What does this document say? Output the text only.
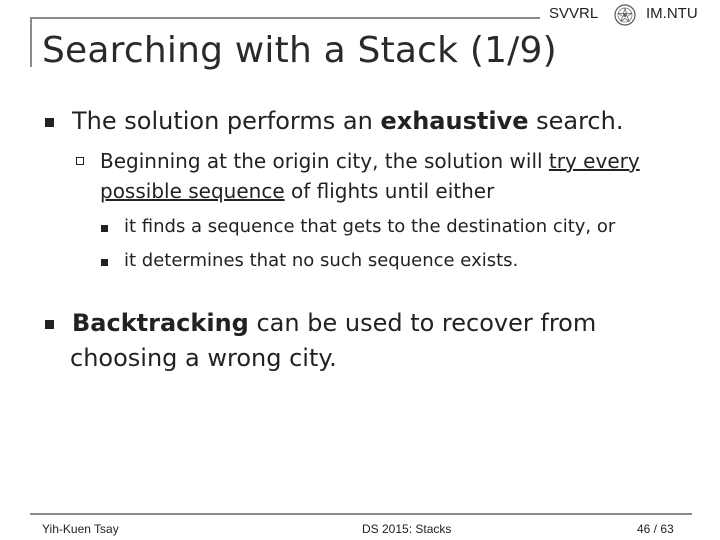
SVVRL	IM.NTU
Searching with a Stack (1/9)
The solution performs an exhaustive search.
Beginning at the origin city, the solution will try every
possible sequence of flights until either
it finds a sequence that gets to the destination city, or
it determines that no such sequence exists.
Backtracking can be used to recover from
choosing a wrong city.
Yih-Kuen Tsay	DS 2015: Stacks	46 / 63
